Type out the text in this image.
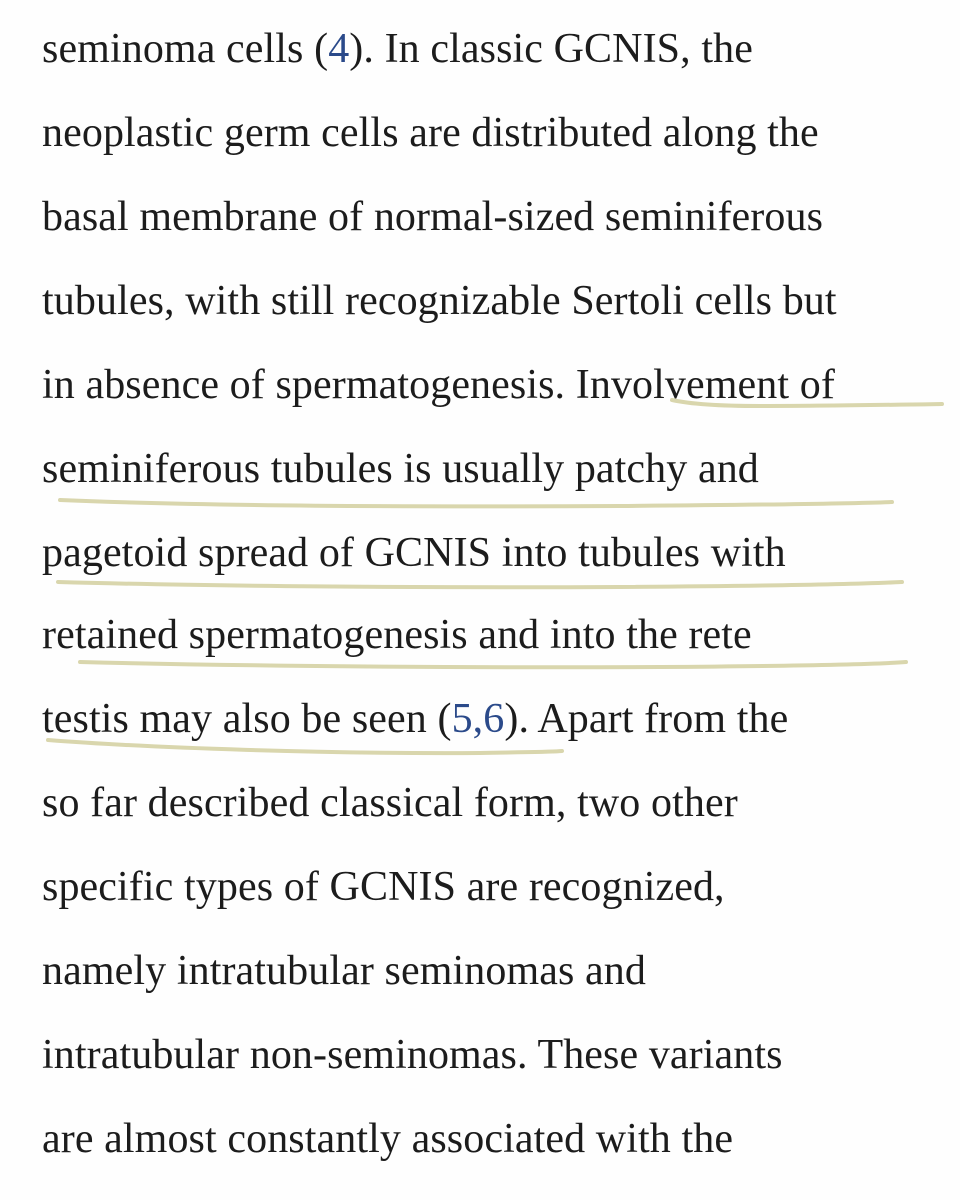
seminoma cells (4). In classic GCNIS, the
neoplastic germ cells are distributed along the
basal membrane of normal-sized seminiferous
tubules, with still recognizable Sertoli cells but
in absence of spermatogenesis. Involvement of
seminiferous tubules is usually patchy and
pagetoid spread of GCNIS into tubules with
retained spermatogenesis and into the rete
testis may also be seen (5,6). Apart from the
so far described classical form, two other
specific types of GCNIS are recognized,
namely intratubular seminomas and
intratubular non-seminomas. These variants
are almost constantly associated with the
